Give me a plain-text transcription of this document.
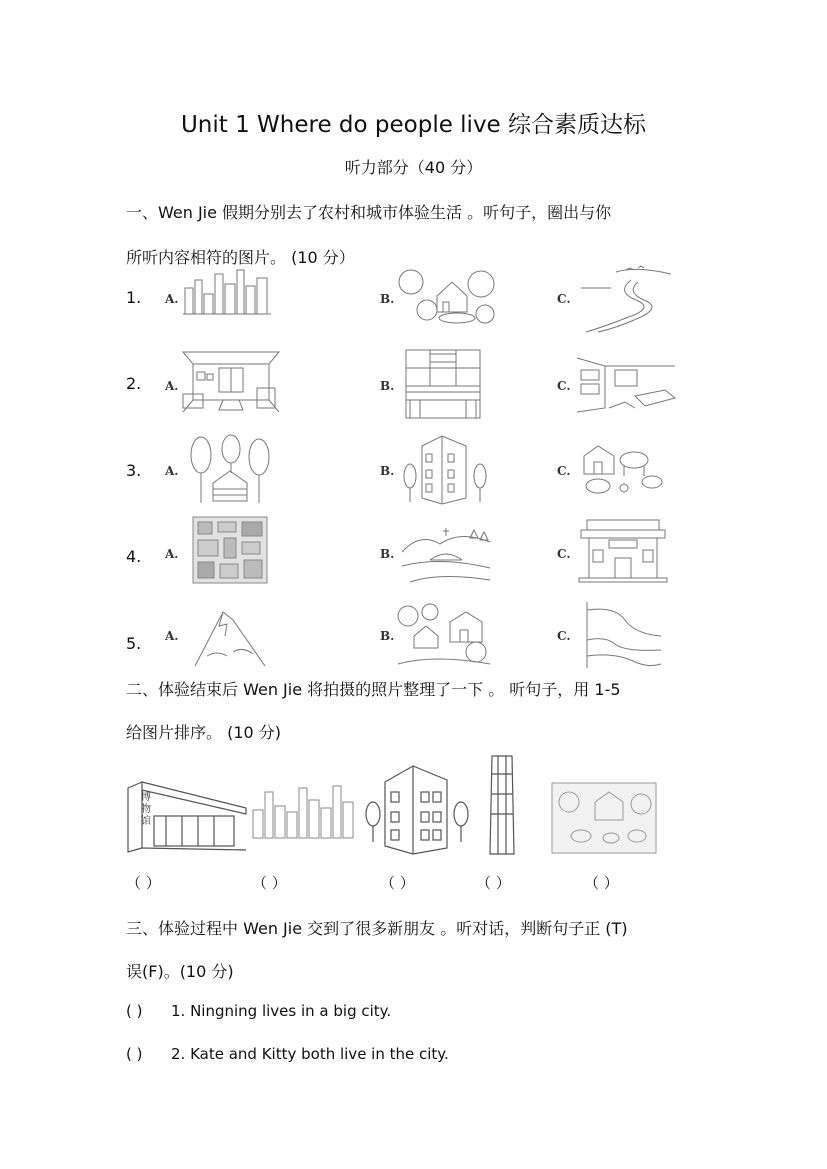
Unit 1 Where do people live 综合素质达标
听力部分（40 分）
一、Wen Jie 假期分别去了农村和城市体验生活 。听句子，圈出与你
所听内容相符的图片。 (10 分）
1. A.	B.	C.
2. A.	B.	C.
3. A.	B.	C.
4. A.	B.	C.
5. A.	B.	C.
二、体验结束后 Wen Jie 将拍摄的照片整理了一下 。 听句子，用 1-5
给图片排序。 (10 分)
博物馆
（ ）	（ ）	（ ）	（ ）	（ ）
三、体验过程中 Wen Jie 交到了很多新朋友 。听对话，判断句子正 (T)
误(F)。(10 分)
( ) 1. Ningning lives in a big city.
( ) 2. Kate and Kitty both live in the city.
